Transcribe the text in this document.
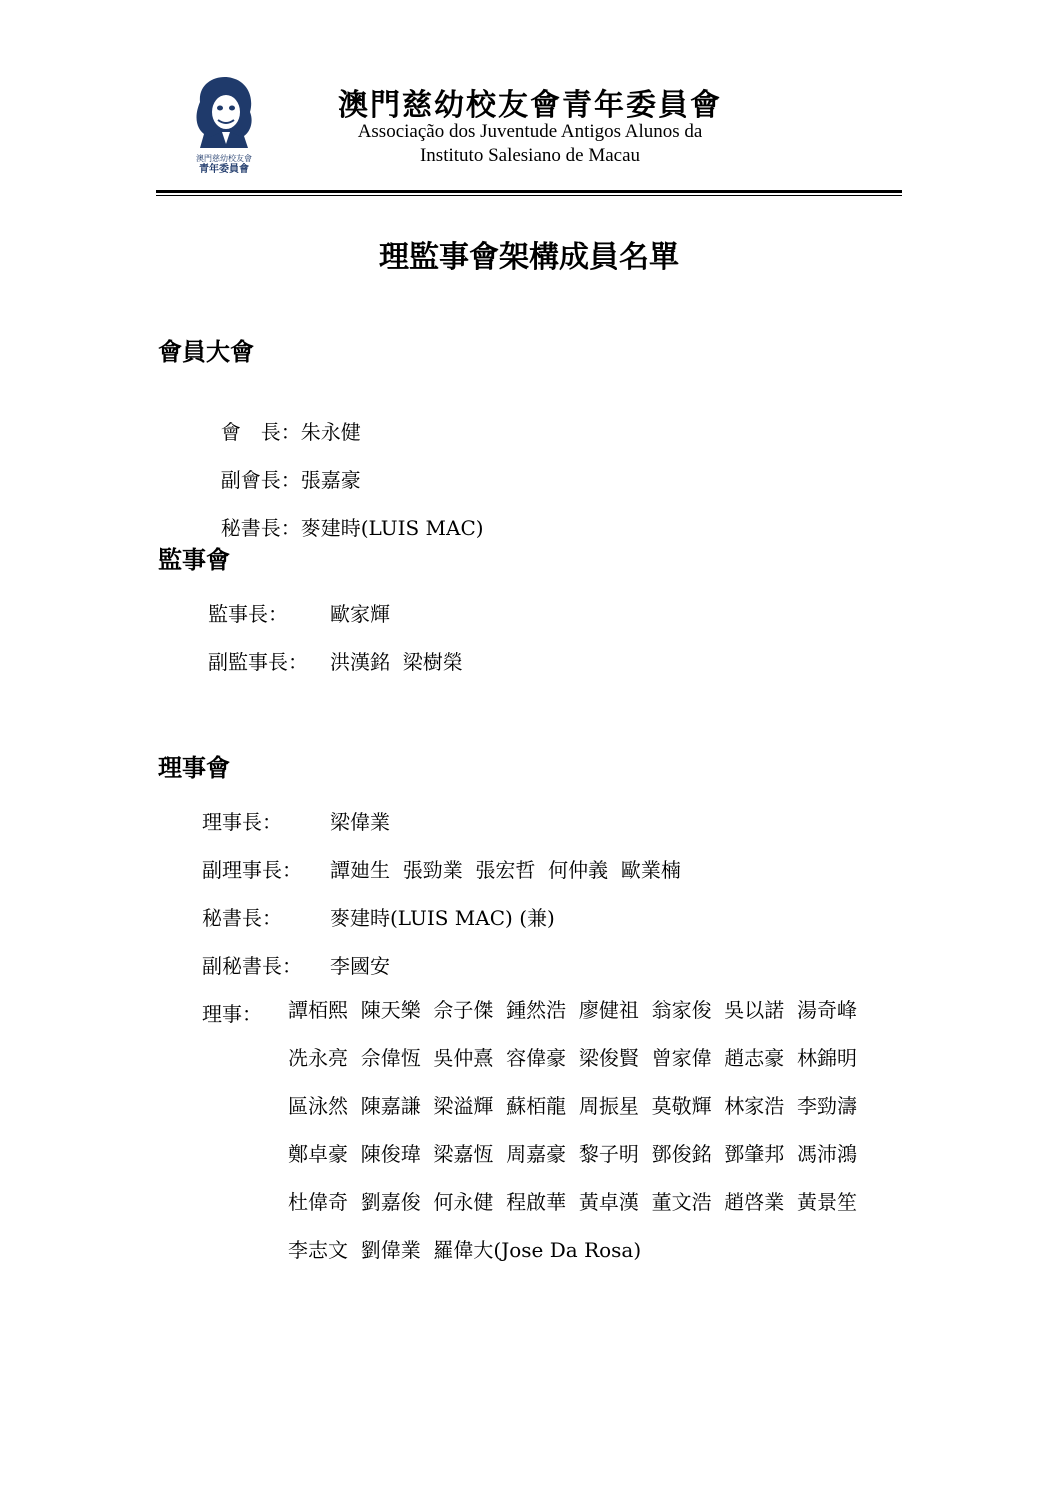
澳門慈幼校友會
青年委員會
澳門慈幼校友會青年委員會
Associação dos Juventude Antigos Alunos da
Instituto Salesiano de Macau
理監事會架構成員名單
會員大會

會　長：朱永健

副會長：張嘉豪

秘書長：麥建時(LUIS MAC)

監事會
監事長： 歐家輝
副監事長： 洪漢銘  梁樹榮
理事會
理事長： 梁偉業
副理事長： 譚廸生  張勁業  張宏哲  何仲義  歐業楠
秘書長： 麥建時(LUIS MAC) (兼)
副秘書長： 李國安
理事： 譚栢熙  陳天樂  佘子傑  鍾然浩  廖健祖  翁家俊  吳以諾  湯奇峰
冼永亮  佘偉恆  吳仲熹  容偉豪  梁俊賢  曾家偉  趙志豪  林錦明
區泳然  陳嘉謙  梁溢輝  蘇栢龍  周振星  莫敬輝  林家浩  李勁濤
鄭卓豪  陳俊瑋  梁嘉恆  周嘉豪  黎子明  鄧俊銘  鄧肇邦  馮沛鴻
杜偉奇  劉嘉俊  何永健  程啟華  黃卓漢  董文浩  趙啓業  黃景笙
李志文  劉偉業  羅偉大(Jose Da Rosa)
